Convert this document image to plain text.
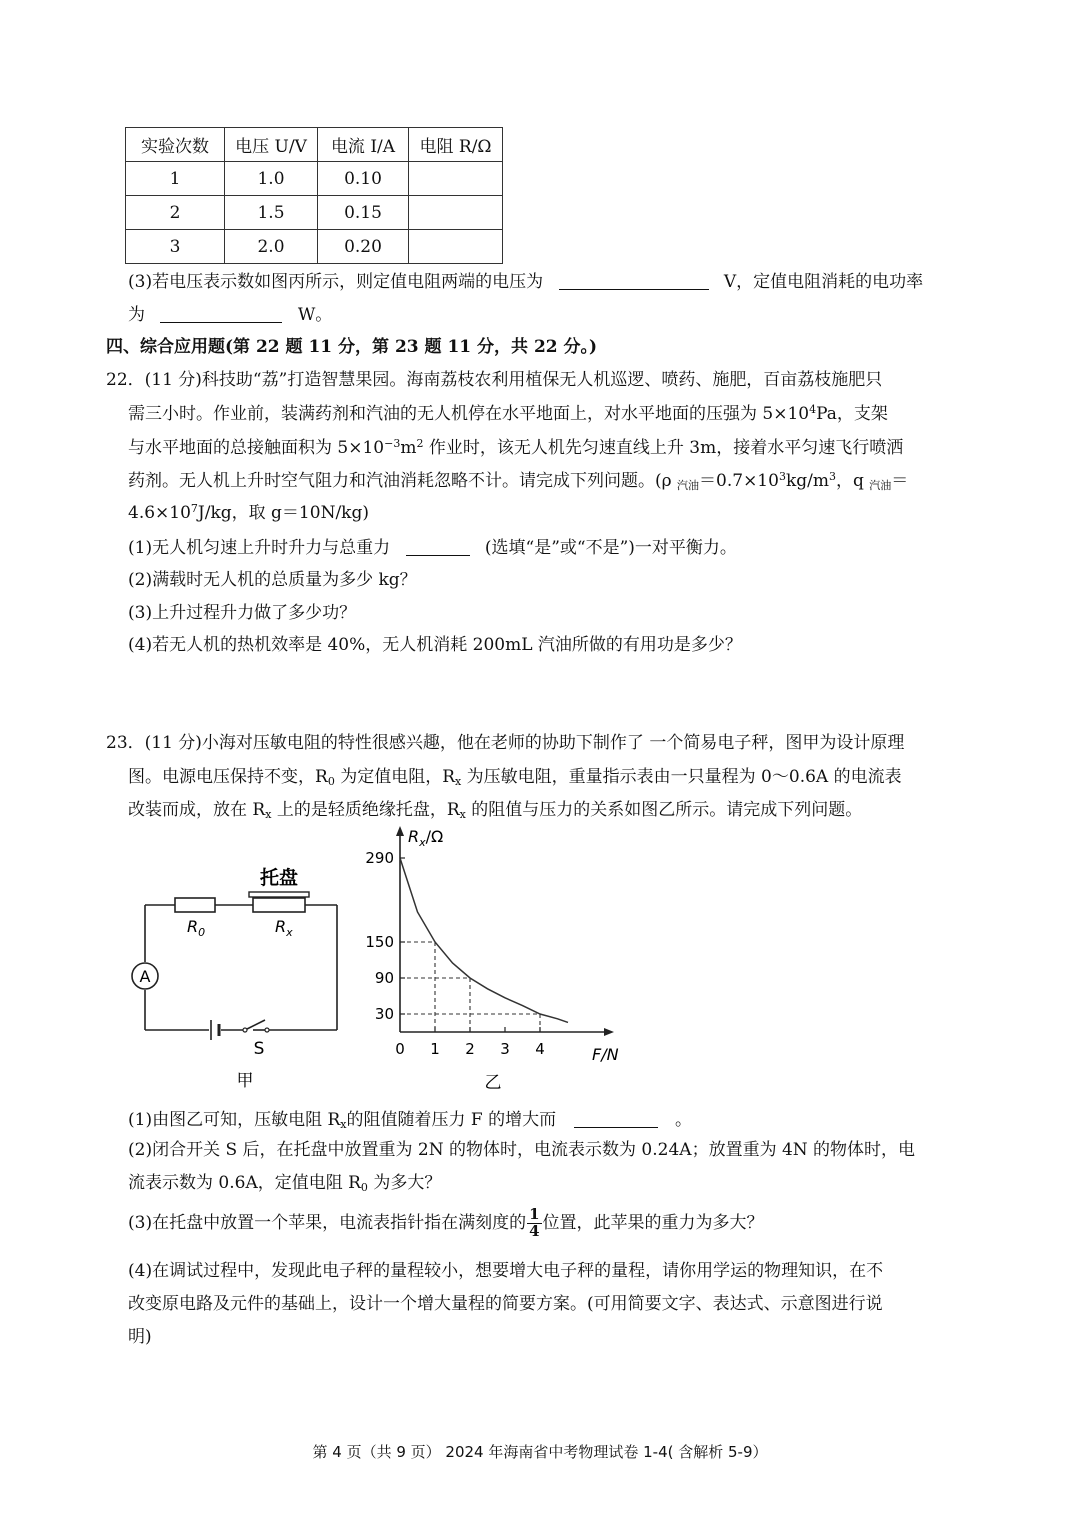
实验次数	电压 U/V	电流 I/A	电阻 R/Ω
1	1.0	0.10	
2	1.5	0.15	
3	2.0	0.20	
(3)若电压表示数如图丙所示，则定值电阻两端的电压为	V，定值电阻消耗的电功率
为	W。
四、综合应用题(第 22 题 11 分，第 23 题 11 分，共 22 分。)
22．(11 分)科技助“荔”打造智慧果园。海南荔枝农利用植保无人机巡逻、喷药、施肥，百亩荔枝施肥只
需三小时。作业前，装满药剂和汽油的无人机停在水平地面上，对水平地面的压强为 $5\times 10^4Pa$，支架
与水平地面的总接触面积为 $5\times 10^{-3}m^2$ 作业时，该无人机先匀速直线上升 3m，接着水平匀速飞行喷洒
药剂。无人机上升时空气阻力和汽油消耗忽略不计。请完成下列问题。(ρ $_{汽油}=0.7\times 10^3kg/m^3$，q $_{汽油}$＝
$4.6\times 10^7J/kg$，取 g＝10N/kg)
(1)无人机匀速上升时升力与总重力	(选填“是”或“不是”)一对平衡力。
(2)满载时无人机的总质量为多少 kg？
(3)上升过程升力做了多少功？
(4)若无人机的热机效率是 40%，无人机消耗 200mL 汽油所做的有用功是多少？
23．(11 分)小海对压敏电阻的特性很感兴趣，他在老师的协助下制作了 一个简易电子秤，图甲为设计原理
图。电源电压保持不变，$R_0$ 为定值电阻，$R_x$ 为压敏电阻，重量指示表由一只量程为 0～0.6A 的电流表
改装而成，放在 $R_x$ 上的是轻质绝缘托盘，$R_x$ 的阻值与压力的关系如图乙所示。请完成下列问题。
A
托盘
$R_0$	$R_x$
S
甲
0 1 2 3 4
30
90
150
290
$R_x/\Omega$
F/N
乙
(1)由图乙可知，压敏电阻 $R_x$的阻值随着压力 F 的增大而	。
(2)闭合开关 S 后，在托盘中放置重为 2N 的物体时，电流表示数为 0.24A；放置重为 4N 的物体时，电
流表示数为 0.6A，定值电阻 $R_0$ 为多大？
(3)在托盘中放置一个苹果，电流表指针指在满刻度的 $\frac{1}{4}$ 位置，此苹果的重力为多大？
(4)在调试过程中，发现此电子秤的量程较小，想要增大电子秤的量程，请你用学运的物理知识，在不
改变原电路及元件的基础上，设计一个增大量程的简要方案。(可用简要文字、表达式、示意图进行说
明)
第 4 页（共 9 页） 2024 年海南省中考物理试卷 1-4( 含解析 5-9）
